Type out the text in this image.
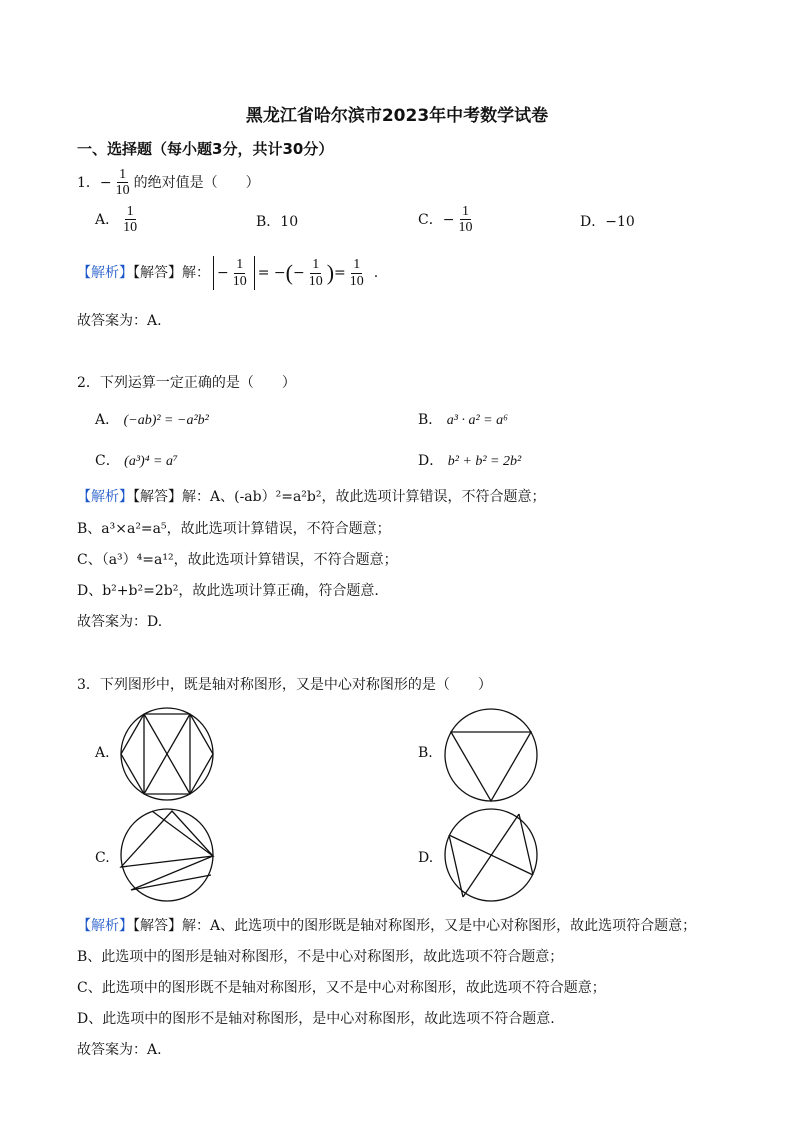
黑龙江省哈尔滨市2023年中考数学试卷
一、选择题（每小题3分，共计30分）
1．− $\frac{1}{10}$ 的绝对值是（　　）
A． $\frac{1}{10}$	B．10	C．− $\frac{1}{10}$	D．−10
【解析】【解答】解： − $\frac{1}{10}$ = −(− $\frac{1}{10}$ )= $\frac{1}{10}$ .
故答案为：A.
2．下列运算一定正确的是（　　）
A． (−ab)² = −a²b²	B． a³ · a² = a⁶
C． (a³)⁴ = a⁷	D． b² + b² = 2b²
【解析】【解答】解：A、(-ab）²=a²b²，故此选项计算错误，不符合题意；
B、a³×a²=a⁵，故此选项计算错误，不符合题意；
C、（a³）⁴=a¹²，故此选项计算错误，不符合题意；
D、b²+b²=2b²，故此选项计算正确，符合题意.
故答案为：D.
3．下列图形中，既是轴对称图形，又是中心对称图形的是（　　）
A.	B.
C.	D.
【解析】【解答】解：A、此选项中的图形既是轴对称图形，又是中心对称图形，故此选项符合题意；
B、此选项中的图形是轴对称图形，不是中心对称图形，故此选项不符合题意；
C、此选项中的图形既不是轴对称图形，又不是中心对称图形，故此选项不符合题意；
D、此选项中的图形不是轴对称图形，是中心对称图形，故此选项不符合题意.
故答案为：A.
